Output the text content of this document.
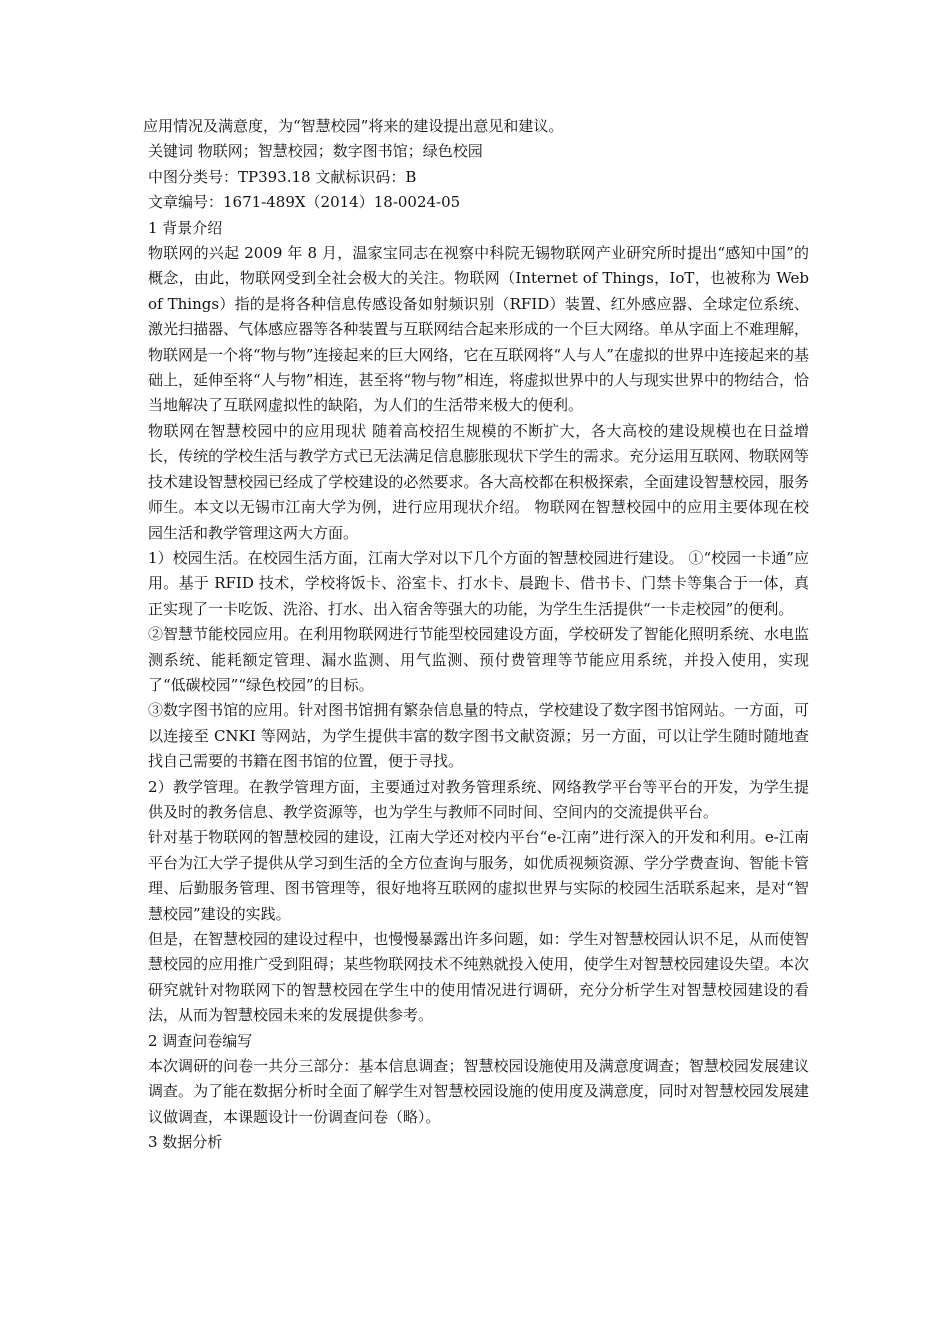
应用情况及满意度，为“智慧校园”将来的建设提出意见和建议。

关键词 物联网；智慧校园；数字图书馆；绿色校园

中图分类号：TP393.18 文献标识码：B

文章编号：1671-489X（2014）18-0024-05

1 背景介绍

物联网的兴起 2009 年 8 月，温家宝同志在视察中科院无锡物联网产业研究所时提出“感知中国”的概念，由此，物联网受到全社会极大的关注。物联网（Internet of Things，IoT，也被称为 Web of Things）指的是将各种信息传感设备如射频识别（RFID）装置、红外感应器、全球定位系统、激光扫描器、气体感应器等各种装置与互联网结合起来形成的一个巨大网络。单从字面上不难理解，物联网是一个将“物与物”连接起来的巨大网络，它在互联网将“人与人”在虚拟的世界中连接起来的基础上，延伸至将“人与物”相连，甚至将“物与物”相连，将虚拟世界中的人与现实世界中的物结合，恰当地解决了互联网虚拟性的缺陷，为人们的生活带来极大的便利。

物联网在智慧校园中的应用现状 随着高校招生规模的不断扩大，各大高校的建设规模也在日益增长，传统的学校生活与教学方式已无法满足信息膨胀现状下学生的需求。充分运用互联网、物联网等技术建设智慧校园已经成了学校建设的必然要求。各大高校都在积极探索，全面建设智慧校园，服务师生。本文以无锡市江南大学为例，进行应用现状介绍。 物联网在智慧校园中的应用主要体现在校园生活和教学管理这两大方面。

1）校园生活。在校园生活方面，江南大学对以下几个方面的智慧校园进行建设。 ①“校园一卡通”应用。基于 RFID 技术，学校将饭卡、浴室卡、打水卡、晨跑卡、借书卡、门禁卡等集合于一体，真正实现了一卡吃饭、洗浴、打水、出入宿舍等强大的功能，为学生生活提供“一卡走校园”的便利。

②智慧节能校园应用。在利用物联网进行节能型校园建设方面，学校研发了智能化照明系统、水电监测系统、能耗额定管理、漏水监测、用气监测、预付费管理等节能应用系统，并投入使用，实现了“低碳校园”“绿色校园”的目标。

③数字图书馆的应用。针对图书馆拥有繁杂信息量的特点，学校建设了数字图书馆网站。一方面，可以连接至 CNKI 等网站，为学生提供丰富的数字图书文献资源；另一方面，可以让学生随时随地查找自己需要的书籍在图书馆的位置，便于寻找。

2）教学管理。在教学管理方面，主要通过对教务管理系统、网络教学平台等平台的开发，为学生提供及时的教务信息、教学资源等，也为学生与教师不同时间、空间内的交流提供平台。

针对基于物联网的智慧校园的建设，江南大学还对校内平台“e-江南”进行深入的开发和利用。e-江南平台为江大学子提供从学习到生活的全方位查询与服务，如优质视频资源、学分学费查询、智能卡管理、后勤服务管理、图书管理等，很好地将互联网的虚拟世界与实际的校园生活联系起来，是对“智慧校园”建设的实践。

但是，在智慧校园的建设过程中，也慢慢暴露出许多问题，如：学生对智慧校园认识不足，从而使智慧校园的应用推广受到阻碍；某些物联网技术不纯熟就投入使用，使学生对智慧校园建设失望。本次研究就针对物联网下的智慧校园在学生中的使用情况进行调研，充分分析学生对智慧校园建设的看法，从而为智慧校园未来的发展提供参考。

2 调查问卷编写

本次调研的问卷一共分三部分：基本信息调查；智慧校园设施使用及满意度调查；智慧校园发展建议调查。为了能在数据分析时全面了解学生对智慧校园设施的使用度及满意度，同时对智慧校园发展建议做调查，本课题设计一份调查问卷（略）。

3 数据分析
